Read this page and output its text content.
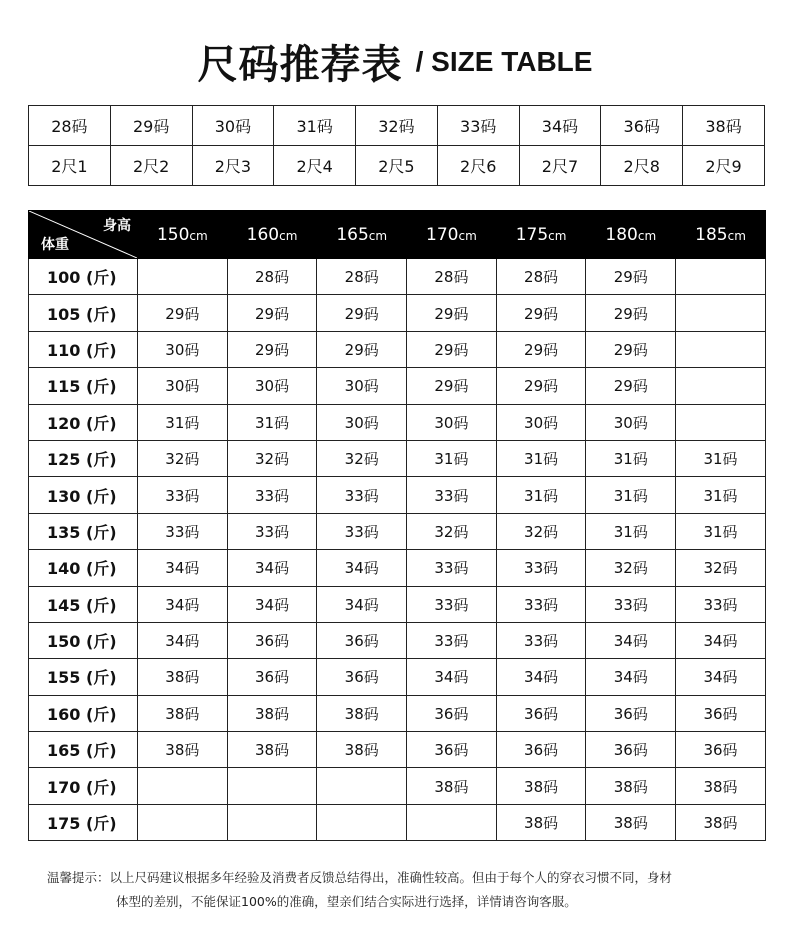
尺码推荐表 / SIZE TABLE
28码	29码	30码	31码	32码	33码	34码	36码	38码
2尺1	2尺2	2尺3	2尺4	2尺5	2尺6	2尺7	2尺8	2尺9
身高
体重	150cm	160cm	165cm	170cm	175cm	180cm	185cm
100 (斤)		28码	28码	28码	28码	29码	
105 (斤)	29码	29码	29码	29码	29码	29码	
110 (斤)	30码	29码	29码	29码	29码	29码	
115 (斤)	30码	30码	30码	29码	29码	29码	
120 (斤)	31码	31码	30码	30码	30码	30码	
125 (斤)	32码	32码	32码	31码	31码	31码	31码
130 (斤)	33码	33码	33码	33码	31码	31码	31码
135 (斤)	33码	33码	33码	32码	32码	31码	31码
140 (斤)	34码	34码	34码	33码	33码	32码	32码
145 (斤)	34码	34码	34码	33码	33码	33码	33码
150 (斤)	34码	36码	36码	33码	33码	34码	34码
155 (斤)	38码	36码	36码	34码	34码	34码	34码
160 (斤)	38码	38码	38码	36码	36码	36码	36码
165 (斤)	38码	38码	38码	36码	36码	36码	36码
170 (斤)				38码	38码	38码	38码
175 (斤)					38码	38码	38码
温馨提示：以上尺码建议根据多年经验及消费者反馈总结得出，准确性较高。但由于每个人的穿衣习惯不同，身材
体型的差别，不能保证100%的准确，望亲们结合实际进行选择，详情请咨询客服。
